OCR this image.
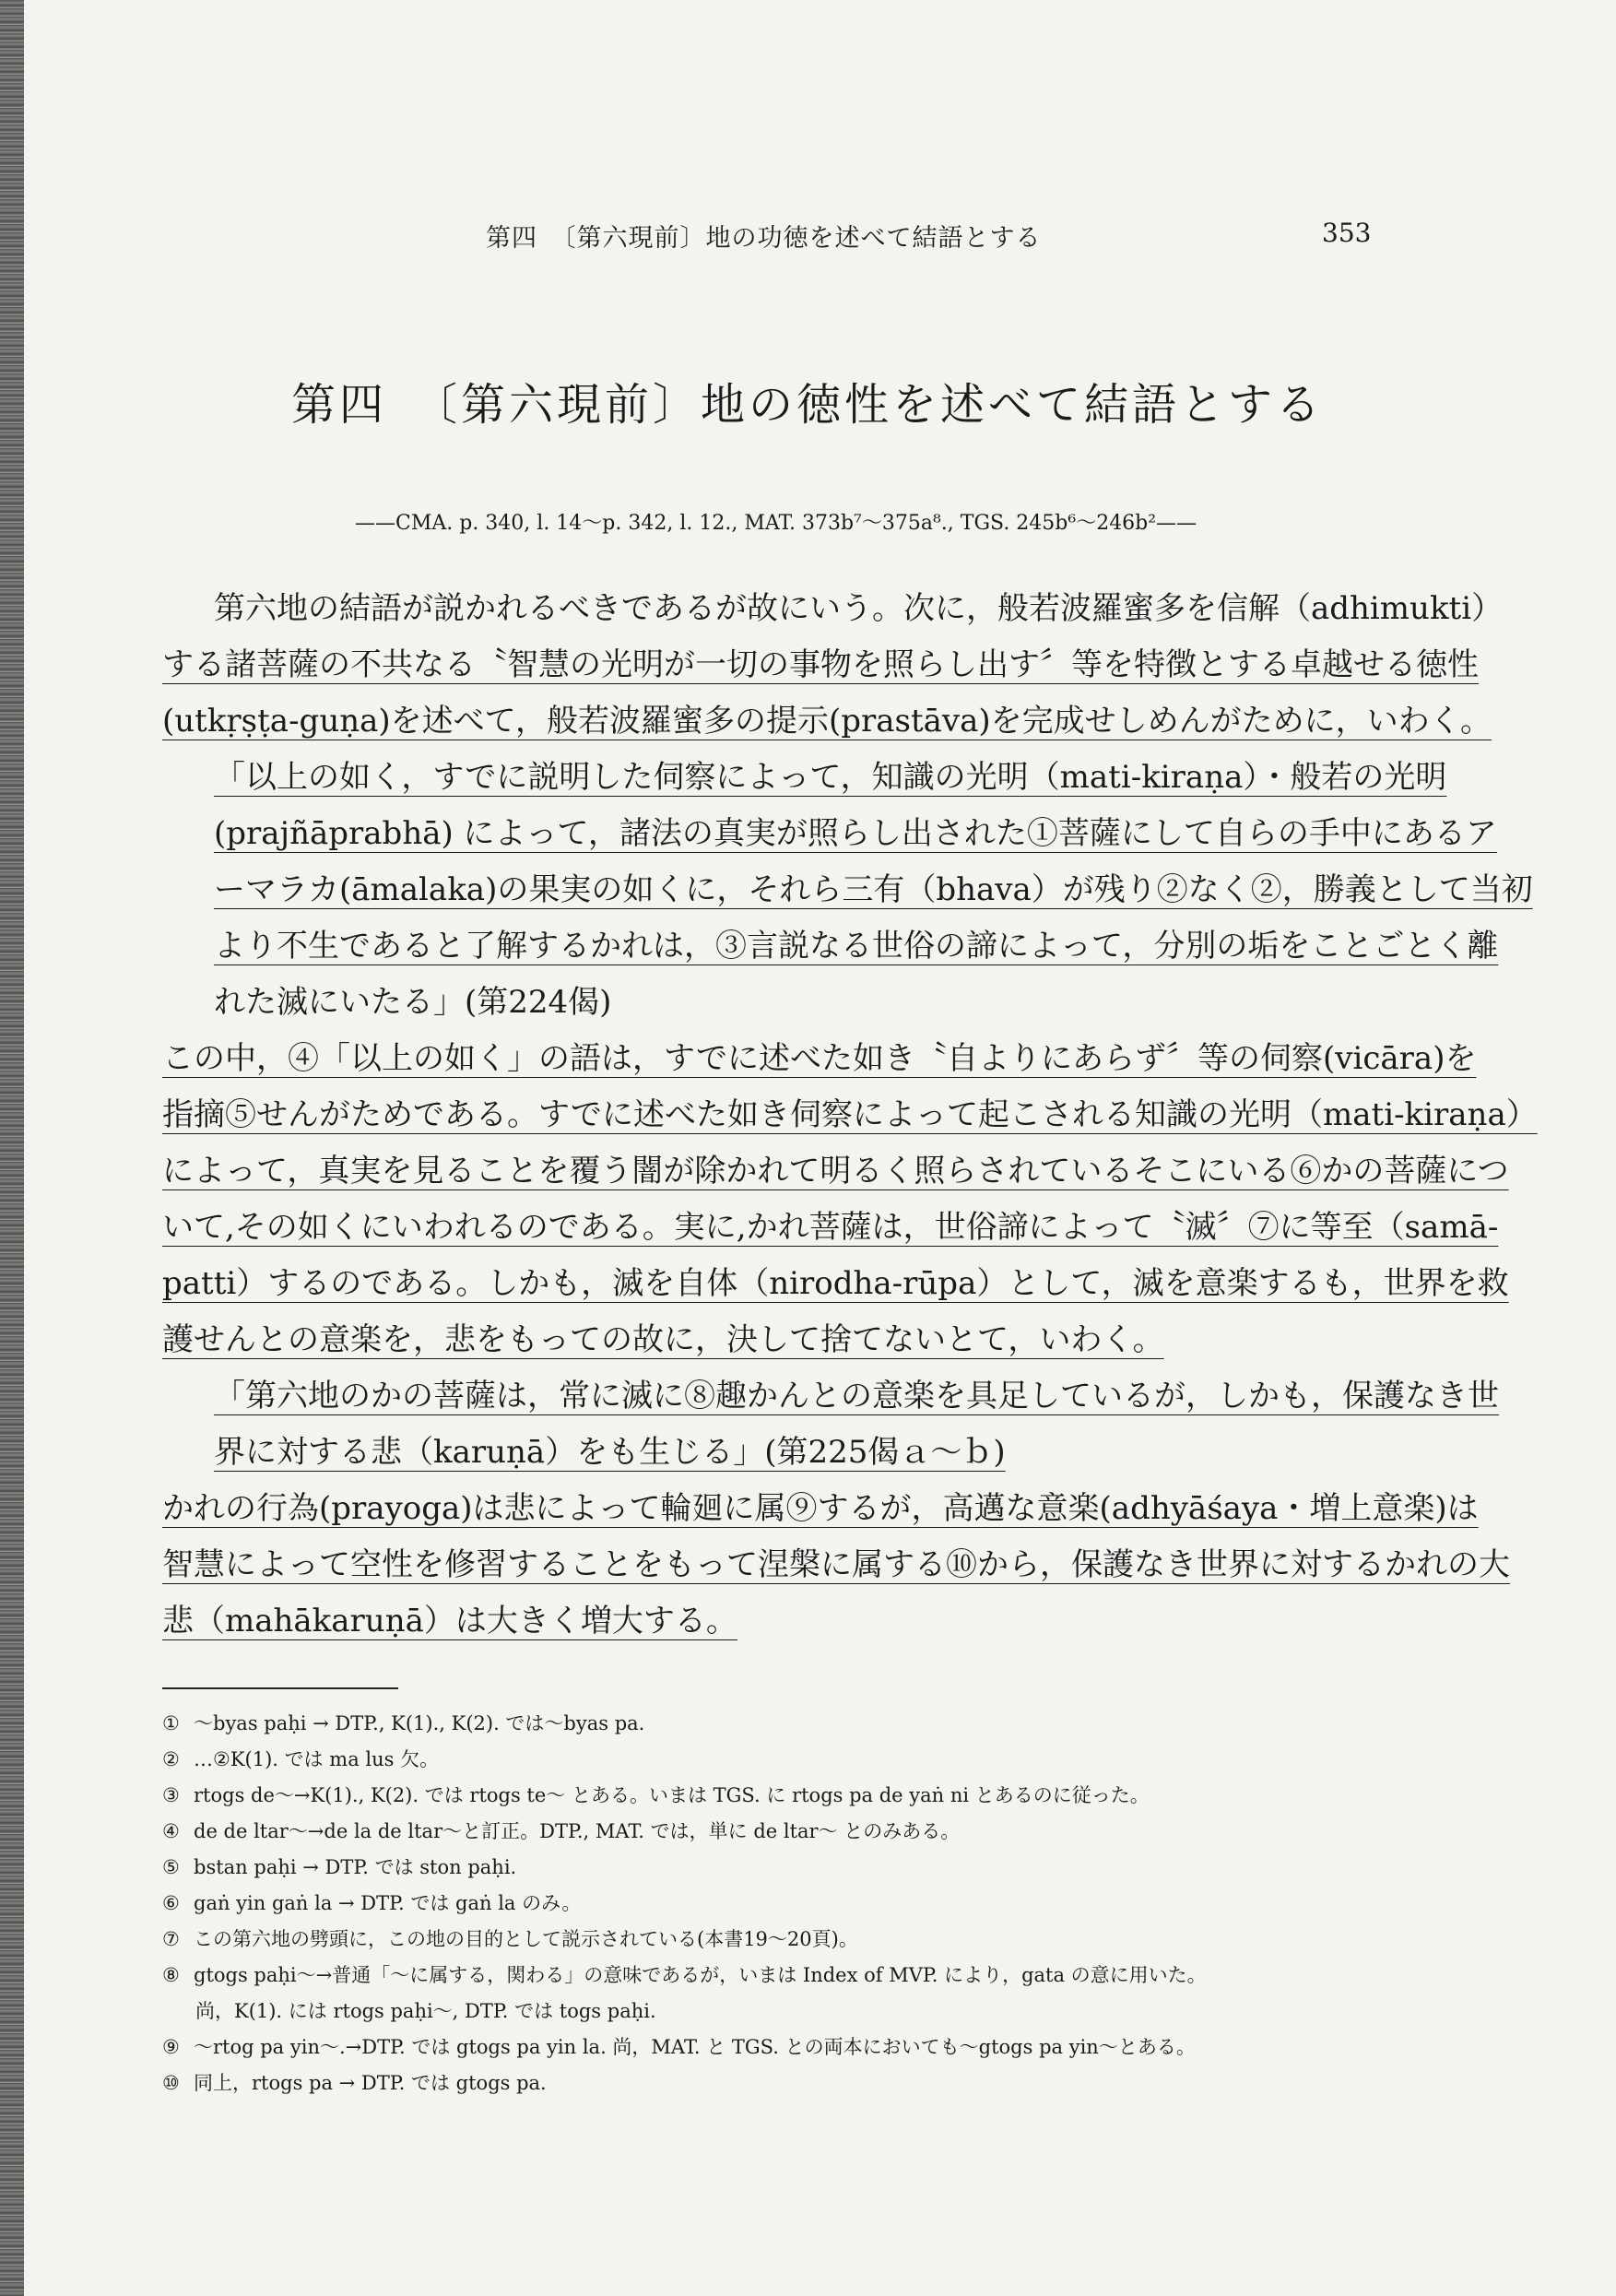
第四　〔第六現前〕地の功徳を述べて結語とする	353
第四　〔第六現前〕地の徳性を述べて結語とする
——CMA. p. 340, l. 14〜p. 342, l. 12., MAT. 373b⁷〜375a⁸., TGS. 245b⁶〜246b²——
第六地の結語が説かれるべきであるが故にいう。次に，般若波羅蜜多を信解（adhimukti）
する諸菩薩の不共なる〝智慧の光明が一切の事物を照らし出す〞等を特徴とする卓越せる徳性
(utkṛṣṭa-guṇa)を述べて，般若波羅蜜多の提示(prastāva)を完成せしめんがために，いわく。
「以上の如く，すでに説明した伺察によって，知識の光明（mati-kiraṇa）・般若の光明
(prajñāprabhā) によって，諸法の真実が照らし出された①菩薩にして自らの手中にあるア
ーマラカ(āmalaka)の果実の如くに，それら三有（bhava）が残り②なく②，勝義として当初
より不生であると了解するかれは，③言説なる世俗の諦によって，分別の垢をことごとく離
れた滅にいたる」(第224偈)
この中，④「以上の如く」の語は，すでに述べた如き〝自よりにあらず〞等の伺察(vicāra)を
指摘⑤せんがためである。すでに述べた如き伺察によって起こされる知識の光明（mati-kiraṇa）
によって，真実を見ることを覆う闇が除かれて明るく照らされているそこにいる⑥かの菩薩につ
いて,その如くにいわれるのである。実に,かれ菩薩は，世俗諦によって〝滅〞⑦に等至（samā-
patti）するのである。しかも，滅を自体（nirodha-rūpa）として，滅を意楽するも，世界を救
護せんとの意楽を，悲をもっての故に，決して捨てないとて，いわく。
「第六地のかの菩薩は，常に滅に⑧趣かんとの意楽を具足しているが，しかも，保護なき世
界に対する悲（karuṇā）をも生じる」(第225偈ａ〜ｂ)
かれの行為(prayoga)は悲によって輪廻に属⑨するが，高邁な意楽(adhyāśaya・増上意楽)は
智慧によって空性を修習することをもって涅槃に属する⑩から，保護なき世界に対するかれの大
悲（mahākaruṇā）は大きく増大する。
① 〜byas paḥi → DTP., K(1)., K(2). では〜byas pa.
② …②K(1). では ma lus 欠。
③ rtogs de〜→K(1)., K(2). では rtogs te〜 とある。いまは TGS. に rtogs pa de yaṅ ni とあるのに従った。
④ de de ltar〜→de la de ltar〜と訂正。DTP., MAT. では，単に de ltar〜 とのみある。
⑤ bstan paḥi → DTP. では ston paḥi.
⑥ gaṅ yin gaṅ la → DTP. では gaṅ la のみ。
⑦ この第六地の劈頭に，この地の目的として説示されている(本書19〜20頁)。
⑧ gtogs paḥi〜→普通「〜に属する，関わる」の意味であるが，いまは Index of MVP. により，gata の意に用いた。
尚，K(1). には rtogs paḥi〜, DTP. では togs paḥi.
⑨ 〜rtog pa yin〜.→DTP. では gtogs pa yin la. 尚，MAT. と TGS. との両本においても〜gtogs pa yin〜とある。
⑩ 同上，rtogs pa → DTP. では gtogs pa.
